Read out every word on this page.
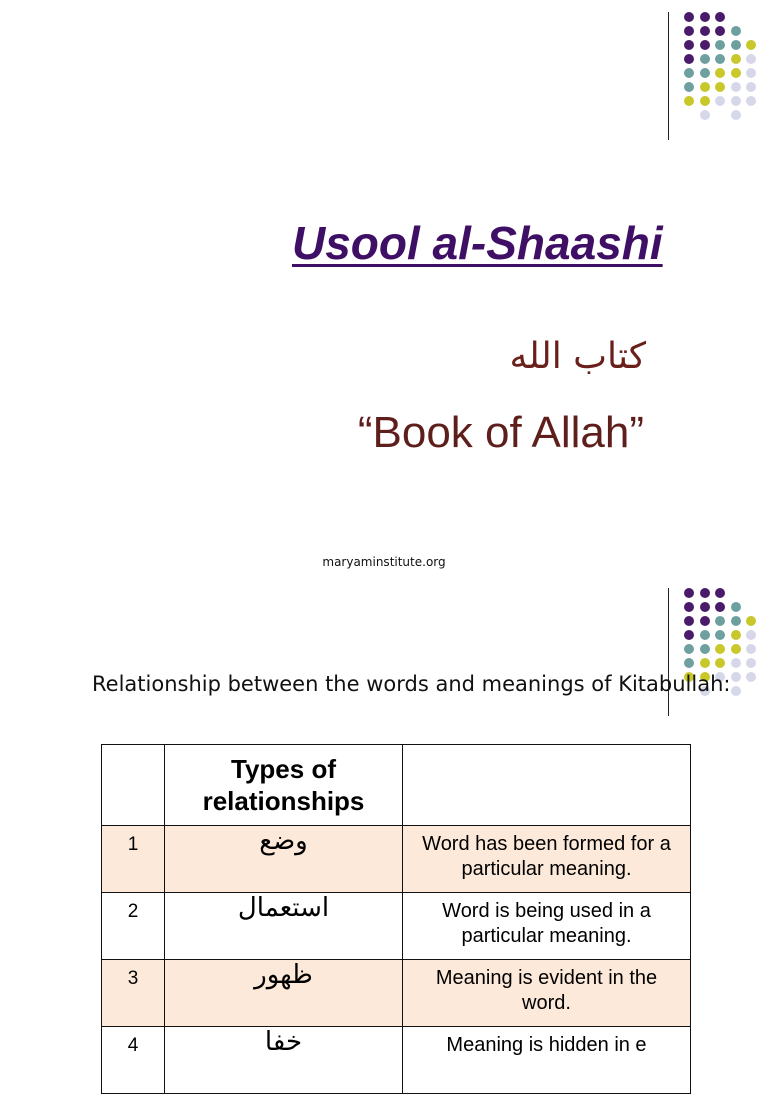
Usool al-Shaashi
كتاب الله
“Book of Allah”
maryaminstitute.org
Relationship between the words and meanings of Kitabullah:
	Types of relationships	
1	وضع	Word has been formed for a particular meaning.
2	استعمال	Word is being used in a particular meaning.
3	ظهور	Meaning is evident in the word.
4	خفا	Meaning is hidden in e
